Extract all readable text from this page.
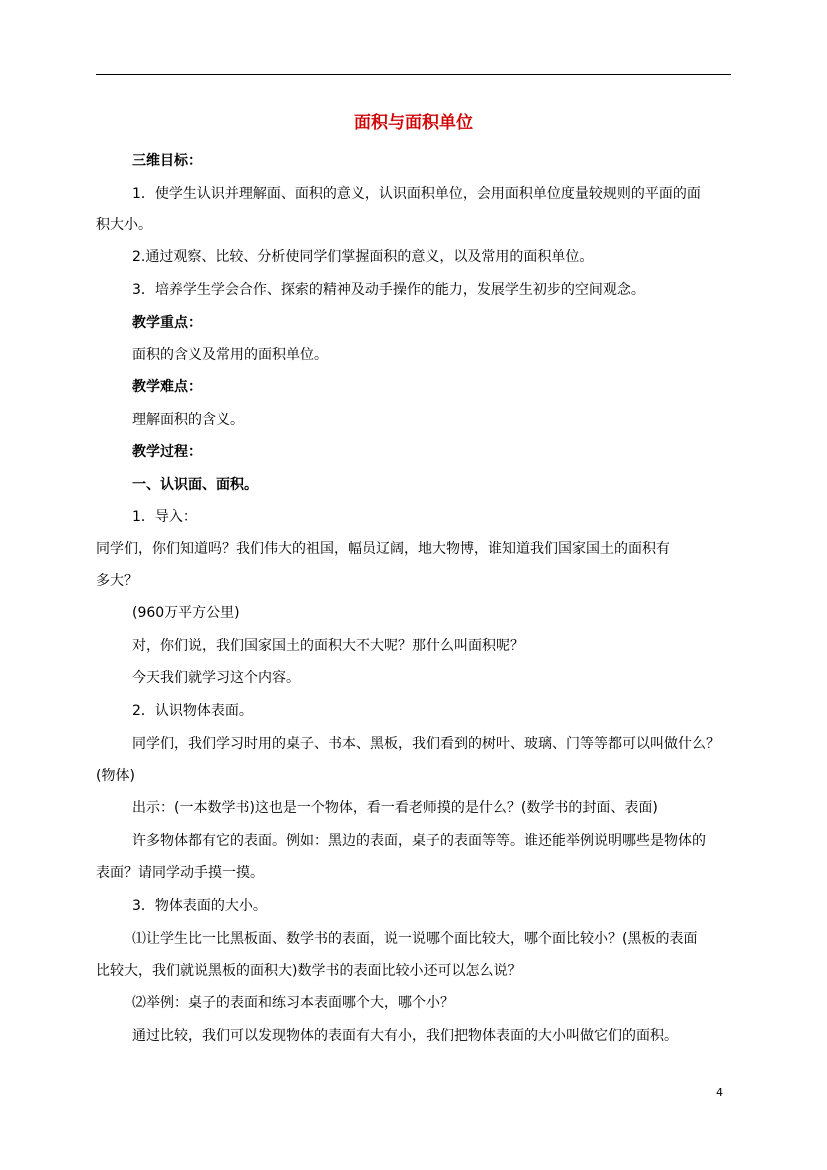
面积与面积单位

三维目标：

1．使学生认识并理解面、面积的意义，认识面积单位，会用面积单位度量较规则的平面的面

积大小。

2.通过观察、比较、分析使同学们掌握面积的意义，以及常用的面积单位。

3．培养学生学会合作、探索的精神及动手操作的能力，发展学生初步的空间观念。

教学重点：

面积的含义及常用的面积单位。

教学难点：

理解面积的含义。

教学过程：

一、认识面、面积。

1．导入：

同学们，你们知道吗？我们伟大的祖国，幅员辽阔，地大物博，谁知道我们国家国土的面积有

多大？

(960万平方公里)

对，你们说，我们国家国土的面积大不大呢？那什么叫面积呢？

今天我们就学习这个内容。

2．认识物体表面。

同学们，我们学习时用的桌子、书本、黑板，我们看到的树叶、玻璃、门等等都可以叫做什么？

(物体)

出示：(一本数学书)这也是一个物体，看一看老师摸的是什么？(数学书的封面、表面)

许多物体都有它的表面。例如：黑边的表面，桌子的表面等等。谁还能举例说明哪些是物体的

表面？请同学动手摸一摸。

3．物体表面的大小。

⑴让学生比一比黑板面、数学书的表面，说一说哪个面比较大，哪个面比较小？(黑板的表面

比较大，我们就说黑板的面积大)数学书的表面比较小还可以怎么说？

⑵举例：桌子的表面和练习本表面哪个大，哪个小？

通过比较，我们可以发现物体的表面有大有小，我们把物体表面的大小叫做它们的面积。

4
